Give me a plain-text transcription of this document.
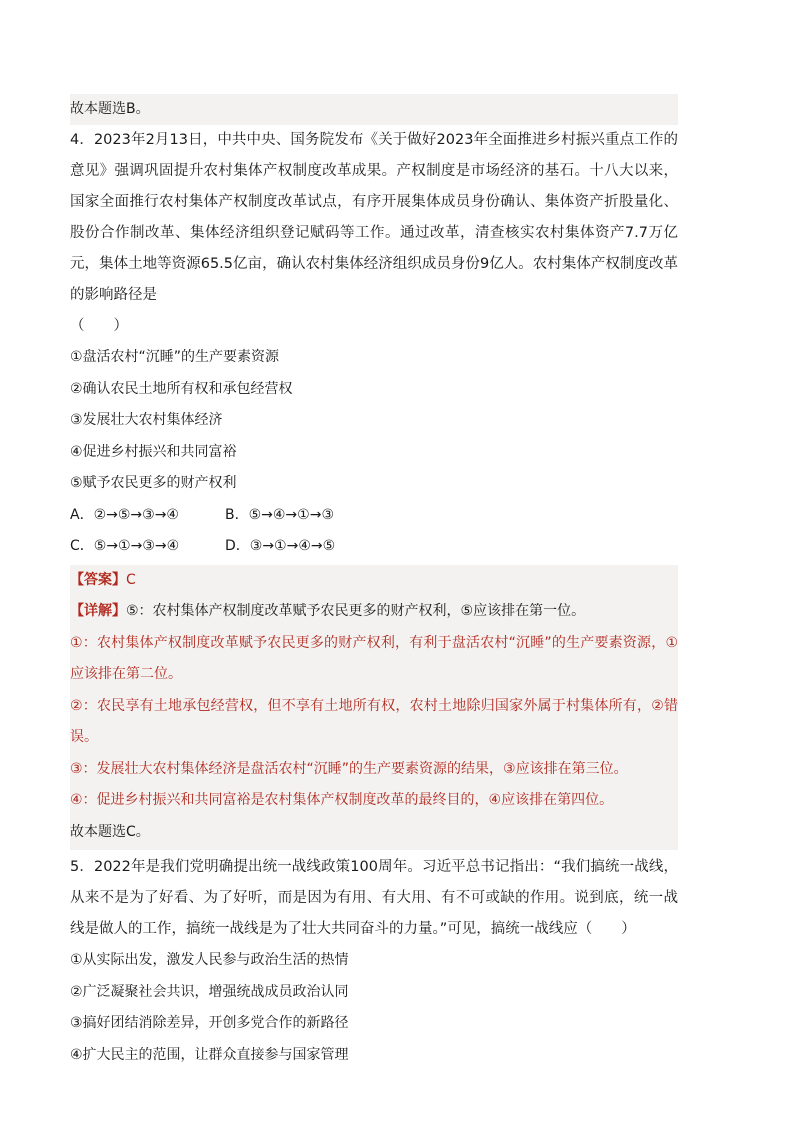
故本题选B。
4．2023年2月13日，中共中央、国务院发布《关于做好2023年全面推进乡村振兴重点工作的意见》强调巩固提升农村集体产权制度改革成果。产权制度是市场经济的基石。十八大以来，国家全面推行农村集体产权制度改革试点，有序开展集体成员身份确认、集体资产折股量化、股份合作制改革、集体经济组织登记赋码等工作。通过改革，清查核实农村集体资产7.7万亿元，集体土地等资源65.5亿亩，确认农村集体经济组织成员身份9亿人。农村集体产权制度改革的影响路径是
（　　）
①盘活农村“沉睡”的生产要素资源
②确认农民土地所有权和承包经营权
③发展壮大农村集体经济
④促进乡村振兴和共同富裕
⑤赋予农民更多的财产权利
A．②→⑤→③→④	B．⑤→④→①→③
C．⑤→①→③→④	D．③→①→④→⑤
【答案】C
【详解】⑤：农村集体产权制度改革赋予农民更多的财产权利，⑤应该排在第一位。
①：农村集体产权制度改革赋予农民更多的财产权利，有利于盘活农村“沉睡”的生产要素资源，①应该排在第二位。
②：农民享有土地承包经营权，但不享有土地所有权，农村土地除归国家外属于村集体所有，②错误。
③：发展壮大农村集体经济是盘活农村“沉睡”的生产要素资源的结果，③应该排在第三位。
④：促进乡村振兴和共同富裕是农村集体产权制度改革的最终目的，④应该排在第四位。
故本题选C。
5．2022年是我们党明确提出统一战线政策100周年。习近平总书记指出：“我们搞统一战线，从来不是为了好看、为了好听，而是因为有用、有大用、有不可或缺的作用。说到底，统一战线是做人的工作，搞统一战线是为了壮大共同奋斗的力量。”可见，搞统一战线应（　　）
①从实际出发，激发人民参与政治生活的热情
②广泛凝聚社会共识，增强统战成员政治认同
③搞好团结消除差异，开创多党合作的新路径
④扩大民主的范围，让群众直接参与国家管理
